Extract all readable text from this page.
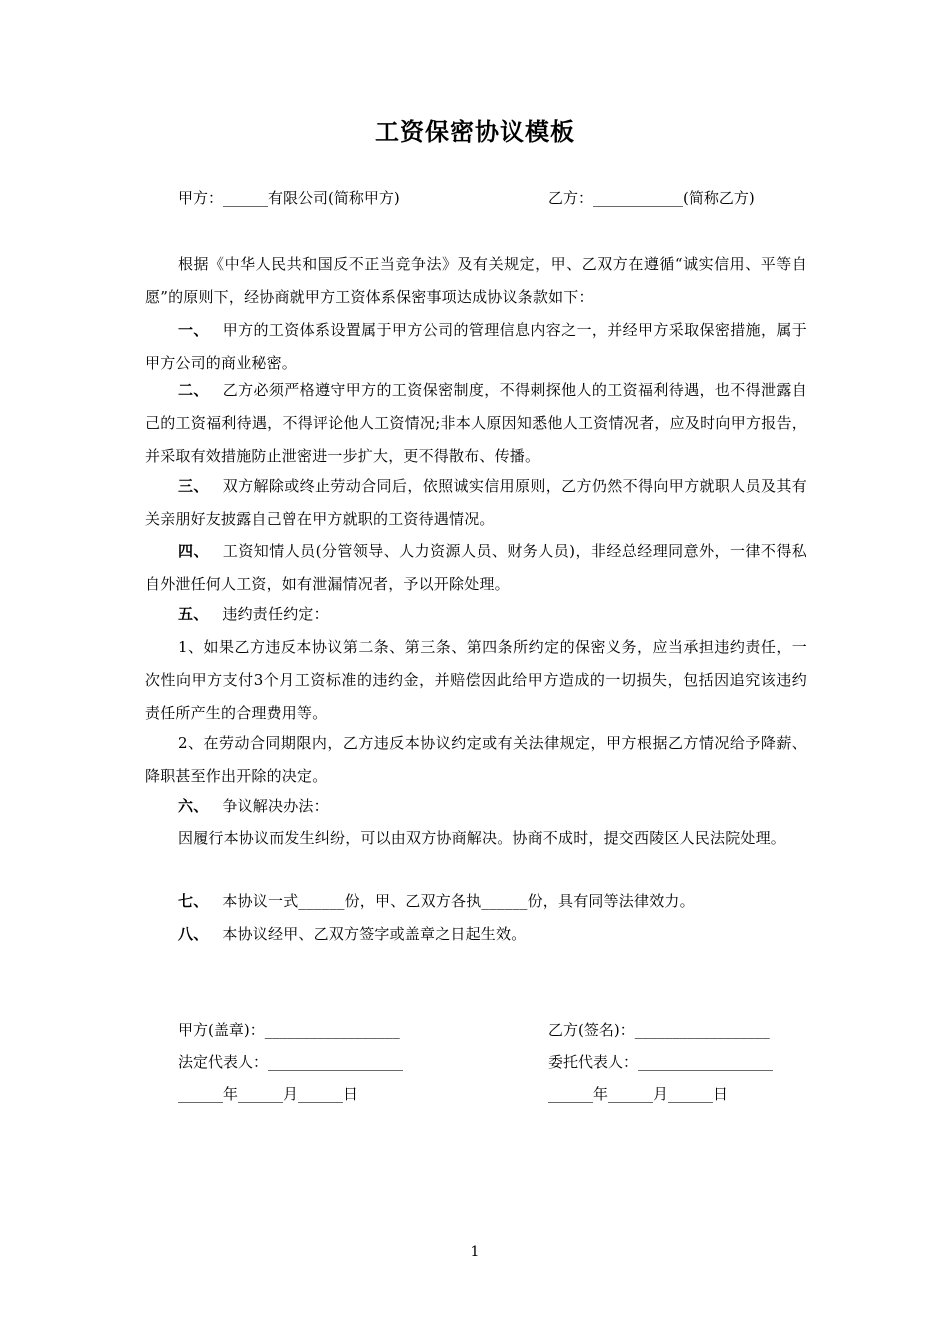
工资保密协议模板
甲方：______有限公司(简称甲方)	乙方：____________(简称乙方)
根据《中华人民共和国反不正当竞争法》及有关规定，甲、乙双方在遵循“诚实信用、平等自愿”的原则下，经协商就甲方工资体系保密事项达成协议条款如下：
一、 甲方的工资体系设置属于甲方公司的管理信息内容之一，并经甲方采取保密措施，属于甲方公司的商业秘密。
二、 乙方必须严格遵守甲方的工资保密制度，不得刺探他人的工资福利待遇，也不得泄露自己的工资福利待遇，不得评论他人工资情况;非本人原因知悉他人工资情况者，应及时向甲方报告，并采取有效措施防止泄密进一步扩大，更不得散布、传播。
三、 双方解除或终止劳动合同后，依照诚实信用原则，乙方仍然不得向甲方就职人员及其有关亲朋好友披露自己曾在甲方就职的工资待遇情况。
四、 工资知情人员(分管领导、人力资源人员、财务人员)，非经总经理同意外，一律不得私自外泄任何人工资，如有泄漏情况者，予以开除处理。
五、 违约责任约定：
1、如果乙方违反本协议第二条、第三条、第四条所约定的保密义务，应当承担违约责任，一次性向甲方支付3个月工资标准的违约金，并赔偿因此给甲方造成的一切损失，包括因追究该违约责任所产生的合理费用等。
2、在劳动合同期限内，乙方违反本协议约定或有关法律规定，甲方根据乙方情况给予降薪、降职甚至作出开除的决定。
六、 争议解决办法：
因履行本协议而发生纠纷，可以由双方协商解决。协商不成时，提交西陵区人民法院处理。
七、 本协议一式______份，甲、乙双方各执______份，具有同等法律效力。
八、 本协议经甲、乙双方签字或盖章之日起生效。
甲方(盖章)：__________________	乙方(签名)：__________________
法定代表人：__________________	委托代表人：__________________
______年______月______日	______年______月______日
1
